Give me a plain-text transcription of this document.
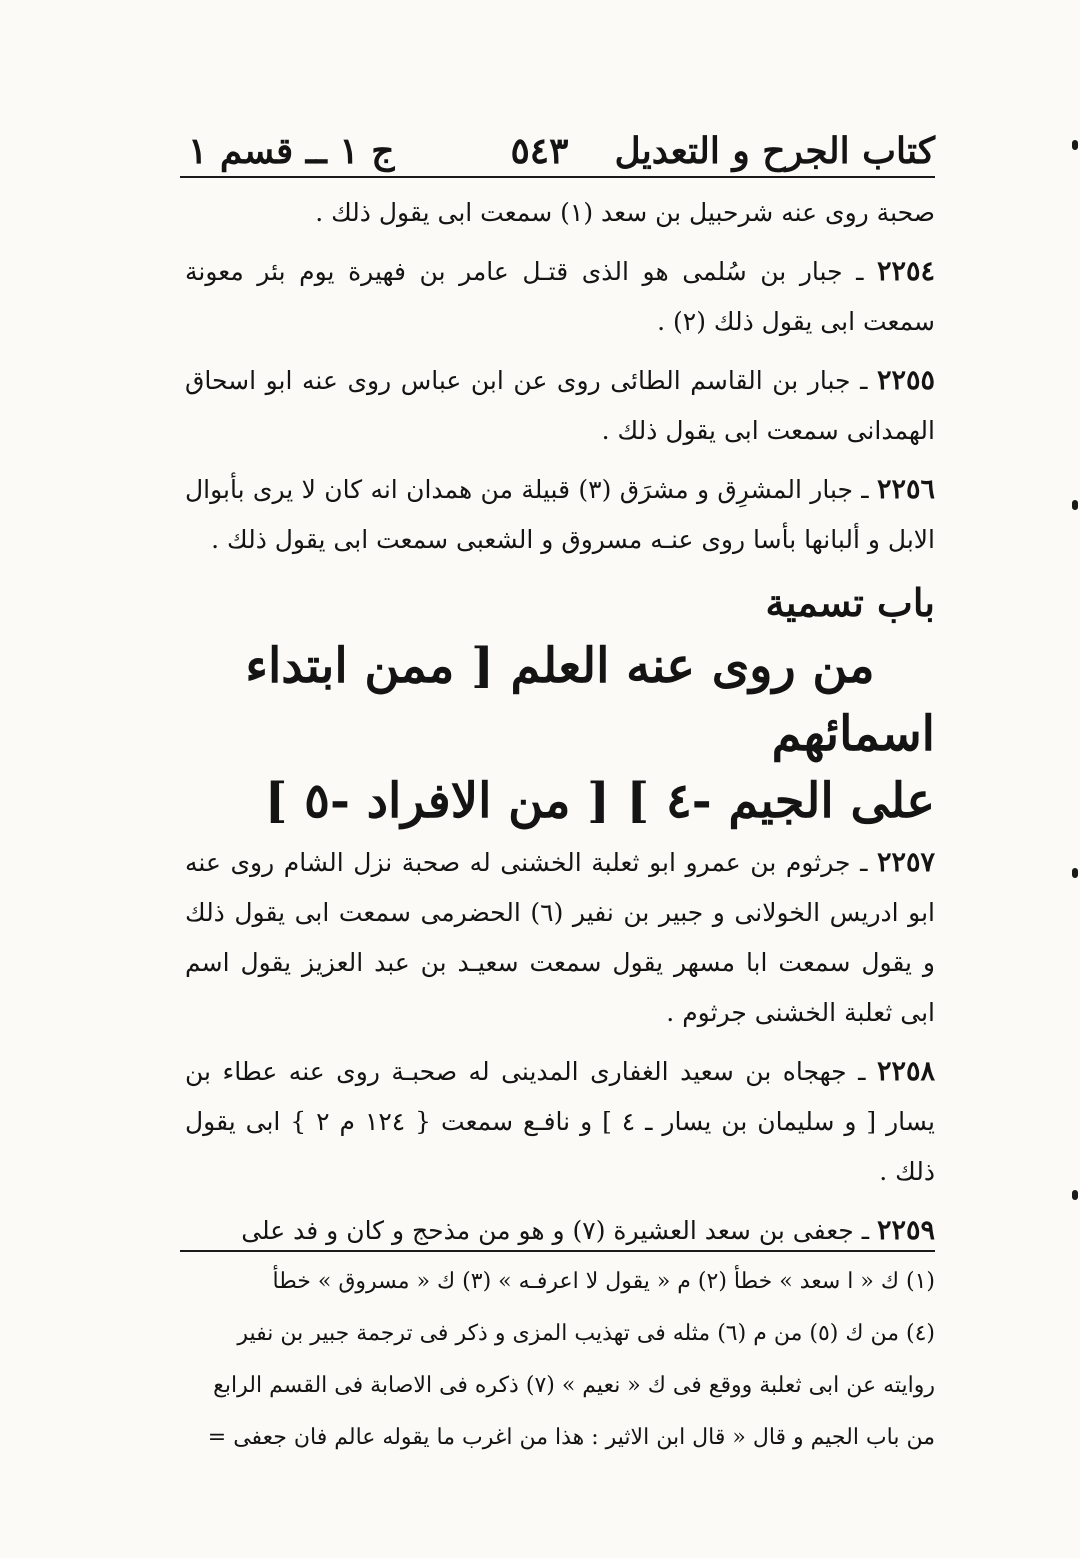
كتاب الجرح و التعديل
٥٤٣
ج ١ ــ قسم ١

صحبة روى عنه شرحبيل بن سعد (١) سمعت ابى يقول ذلك .

٢٢٥٤ ـ جبار بن سُلمى هو الذى قتـل عامر بن فهيرة يوم بئر معونة سمعت ابى يقول ذلك (٢) .

٢٢٥٥ ـ جبار بن القاسم الطائى روى عن ابن عباس روى عنه ابو اسحاق الهمدانى سمعت ابى يقول ذلك .

٢٢٥٦ ـ جبار المشرِق و مشرَق (٣) قبيلة من همدان انه كان لا يرى بأبوال الابل و ألبانها بأسا روى عنـه مسروق و الشعبى سمعت ابى يقول ذلك .

باب تسمية
من روى عنه العلم [ ممن ابتداء اسمائهم
على الجيم -٤ ] [ من الافراد -٥ ]

٢٢٥٧ ـ جرثوم بن عمرو ابو ثعلبة الخشنى له صحبة نزل الشام روى عنه ابو ادريس الخولانى و جبير بن نفير (٦) الحضرمى سمعت ابى يقول ذلك و يقول سمعت ابا مسهر يقول سمعت سعيـد بن عبد العزيز يقول اسم ابى ثعلبة الخشنى جرثوم .

٢٢٥٨ ـ جهجاه بن سعيد الغفارى المدينى له صحبـة روى عنه عطاء بن يسار [ و سليمان بن يسار ـ ٤ ] و نافـع سمعت { ١٢٤ م ٢ } ابى يقول ذلك .

٢٢٥٩ ـ جعفى بن سعد العشيرة (٧) و هو من مذحج و كان و فد على

(١) ك « ا سعد » خطأ (٢) م « يقول لا اعرفـه » (٣) ك « مسروق » خطأ

(٤) من ك (٥) من م (٦) مثله فى تهذيب المزى و ذكر فى ترجمة جبير بن نفير

روايته عن ابى ثعلبة ووقع فى ك « نعيم » (٧) ذكره فى الاصابة فى القسم الرابع

من باب الجيم و قال « قال ابن الاثير : هذا من اغرب ما يقوله عالم فان جعفى =
